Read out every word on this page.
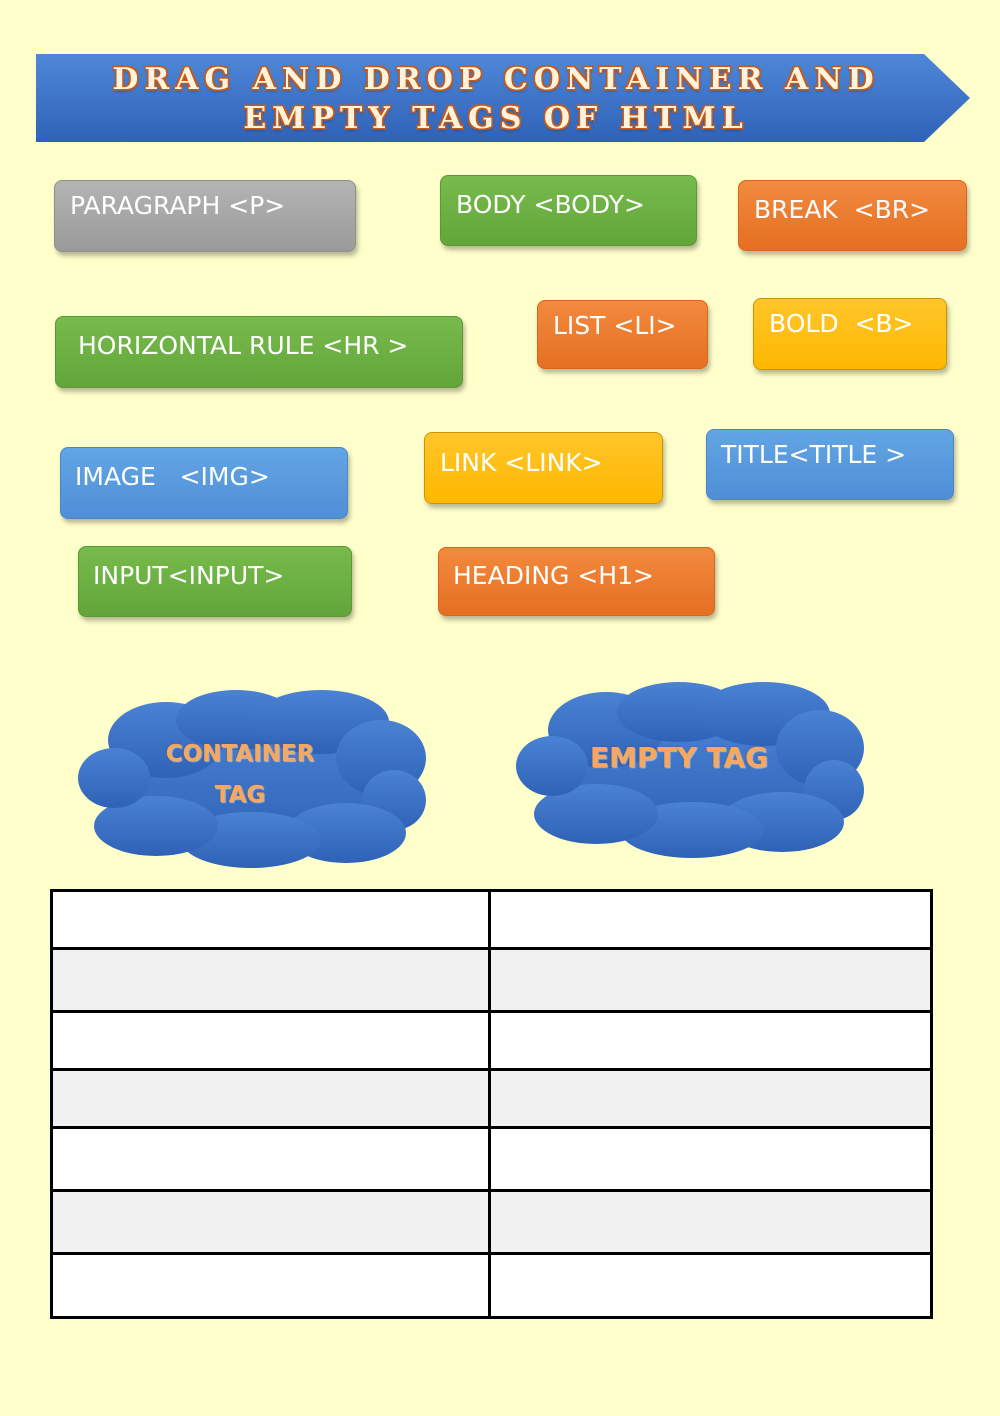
DRAG AND DROP CONTAINER AND
EMPTY TAGS OF HTML
PARAGRAPH <P>	BODY <BODY>	BREAK  <BR>
HORIZONTAL RULE <HR >
LIST <LI>	BOLD  <B>
IMAGE   <IMG>	LINK <LINK>	TITLE<TITLE >
INPUT<INPUT>	HEADING <H1>
CONTAINER
TAG
EMPTY TAG
